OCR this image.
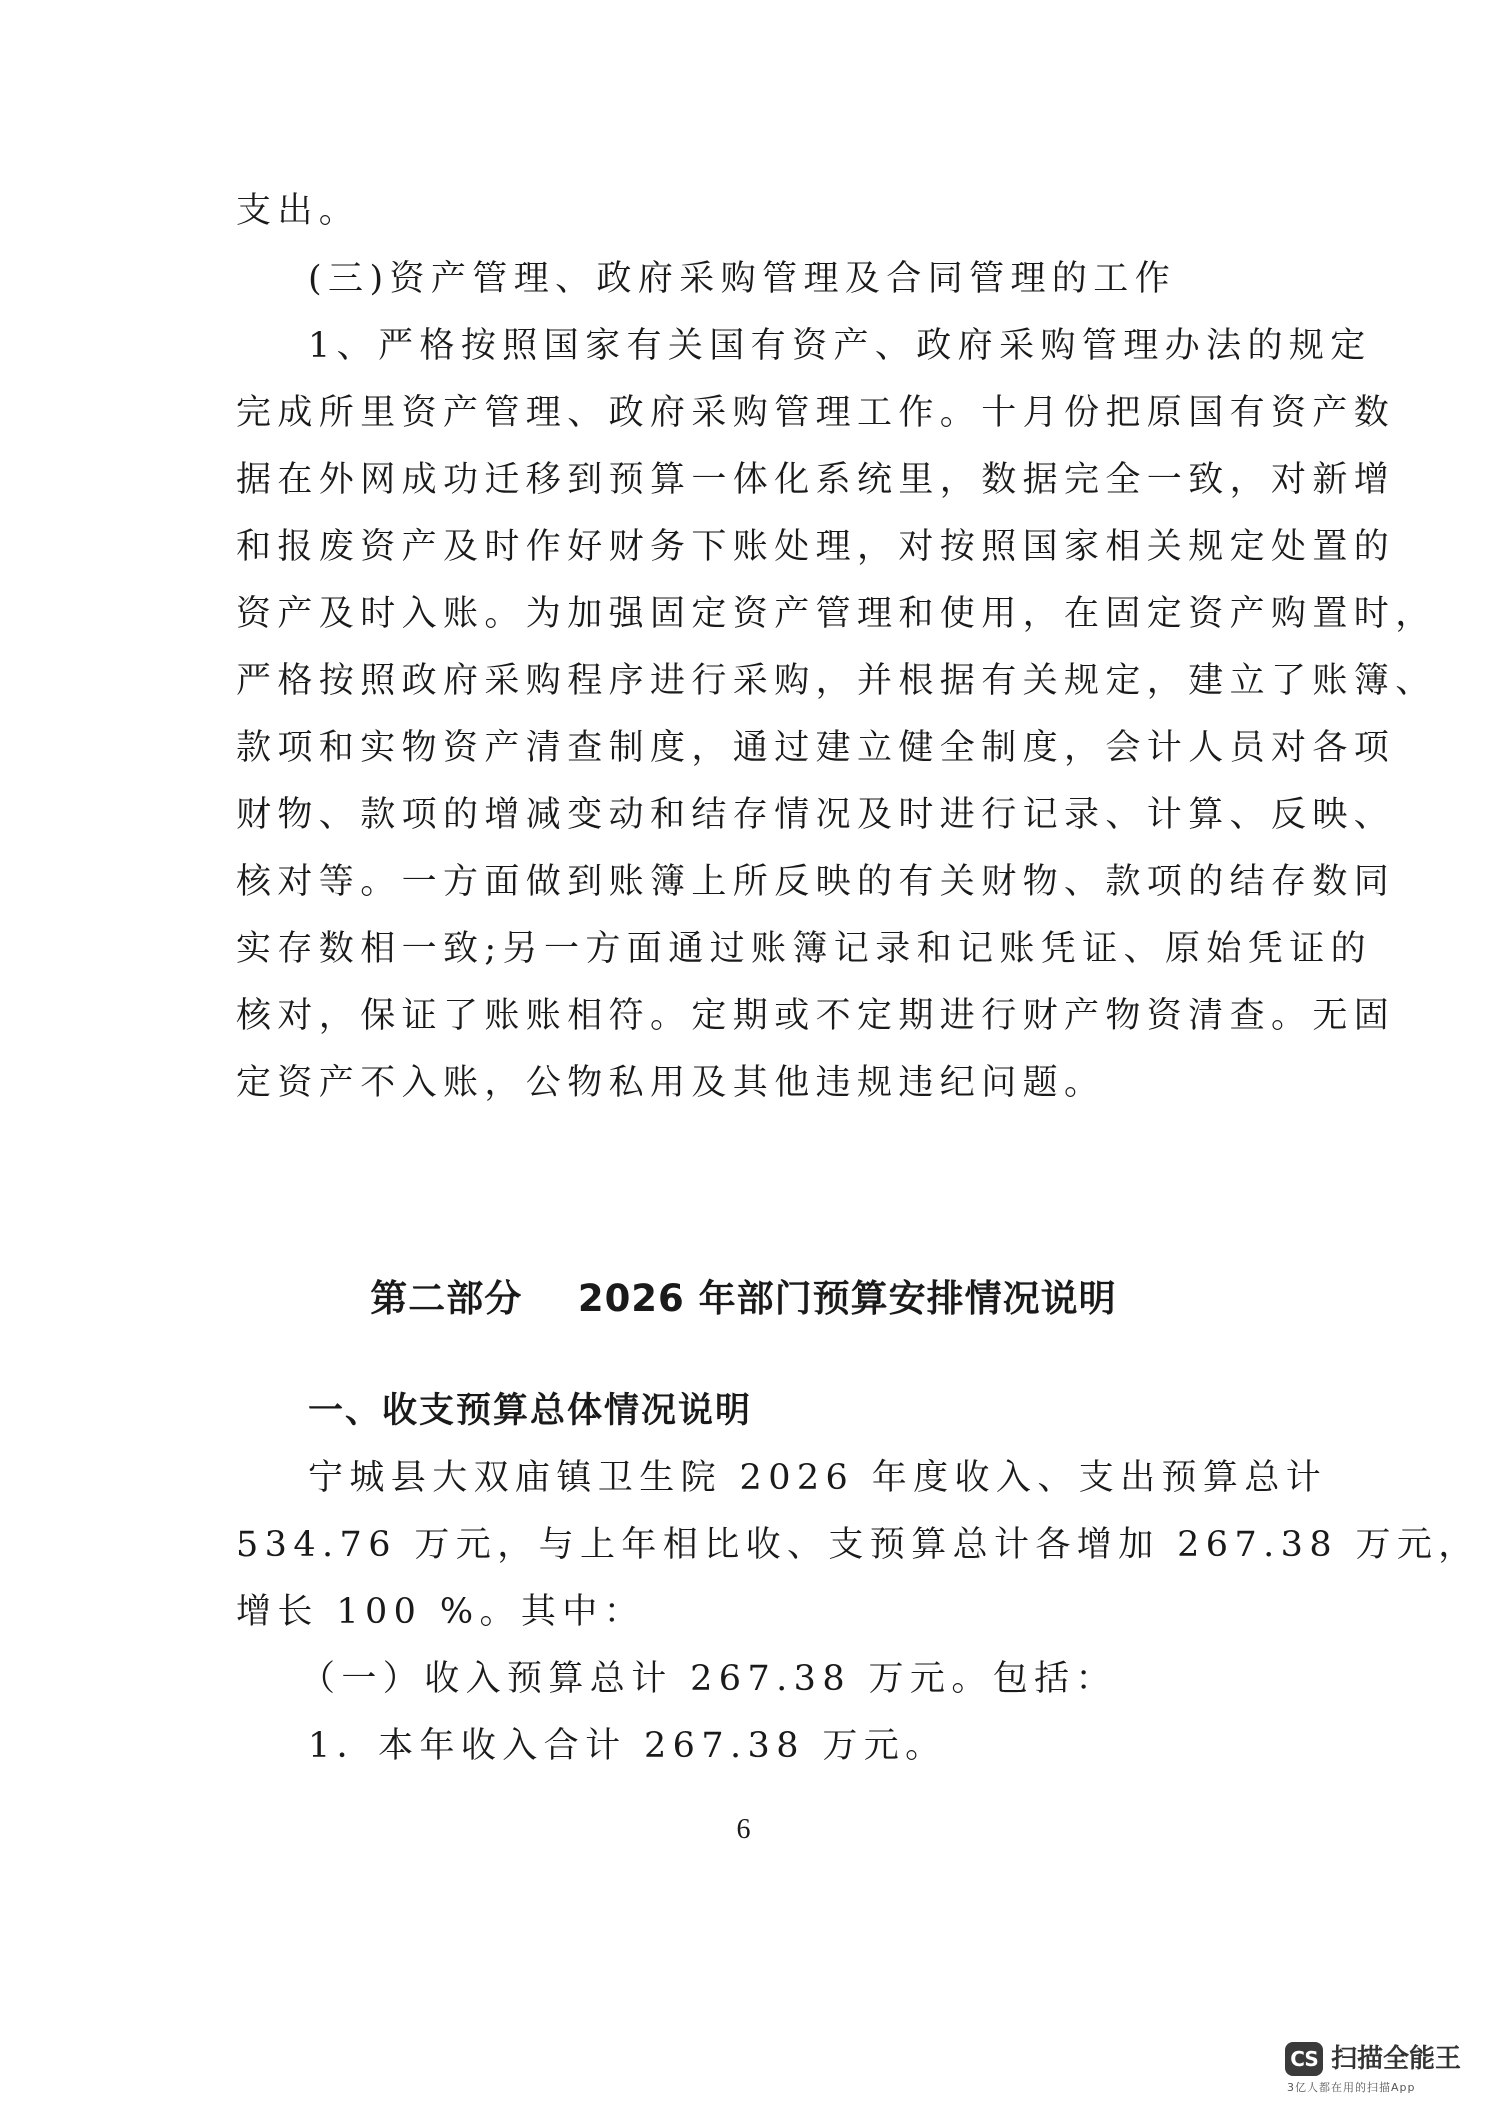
支出。
(三)资产管理、政府采购管理及合同管理的工作
1、严格按照国家有关国有资产、政府采购管理办法的规定
完成所里资产管理、政府采购管理工作。十月份把原国有资产数
据在外网成功迁移到预算一体化系统里，数据完全一致，对新增
和报废资产及时作好财务下账处理，对按照国家相关规定处置的
资产及时入账。为加强固定资产管理和使用，在固定资产购置时，
严格按照政府采购程序进行采购，并根据有关规定，建立了账簿、
款项和实物资产清查制度，通过建立健全制度，会计人员对各项
财物、款项的增减变动和结存情况及时进行记录、计算、反映、
核对等。一方面做到账簿上所反映的有关财物、款项的结存数同
实存数相一致;另一方面通过账簿记录和记账凭证、原始凭证的
核对，保证了账账相符。定期或不定期进行财产物资清查。无固
定资产不入账，公物私用及其他违规违纪问题。
第二部分    2026 年部门预算安排情况说明
一、收支预算总体情况说明
宁城县大双庙镇卫生院 2026 年度收入、支出预算总计
534.76 万元，与上年相比收、支预算总计各增加 267.38 万元，
增长 100 %。其中：
（一）收入预算总计 267.38 万元。包括：
1．本年收入合计 267.38 万元。
6
CS 扫描全能王
3亿人都在用的扫描App
